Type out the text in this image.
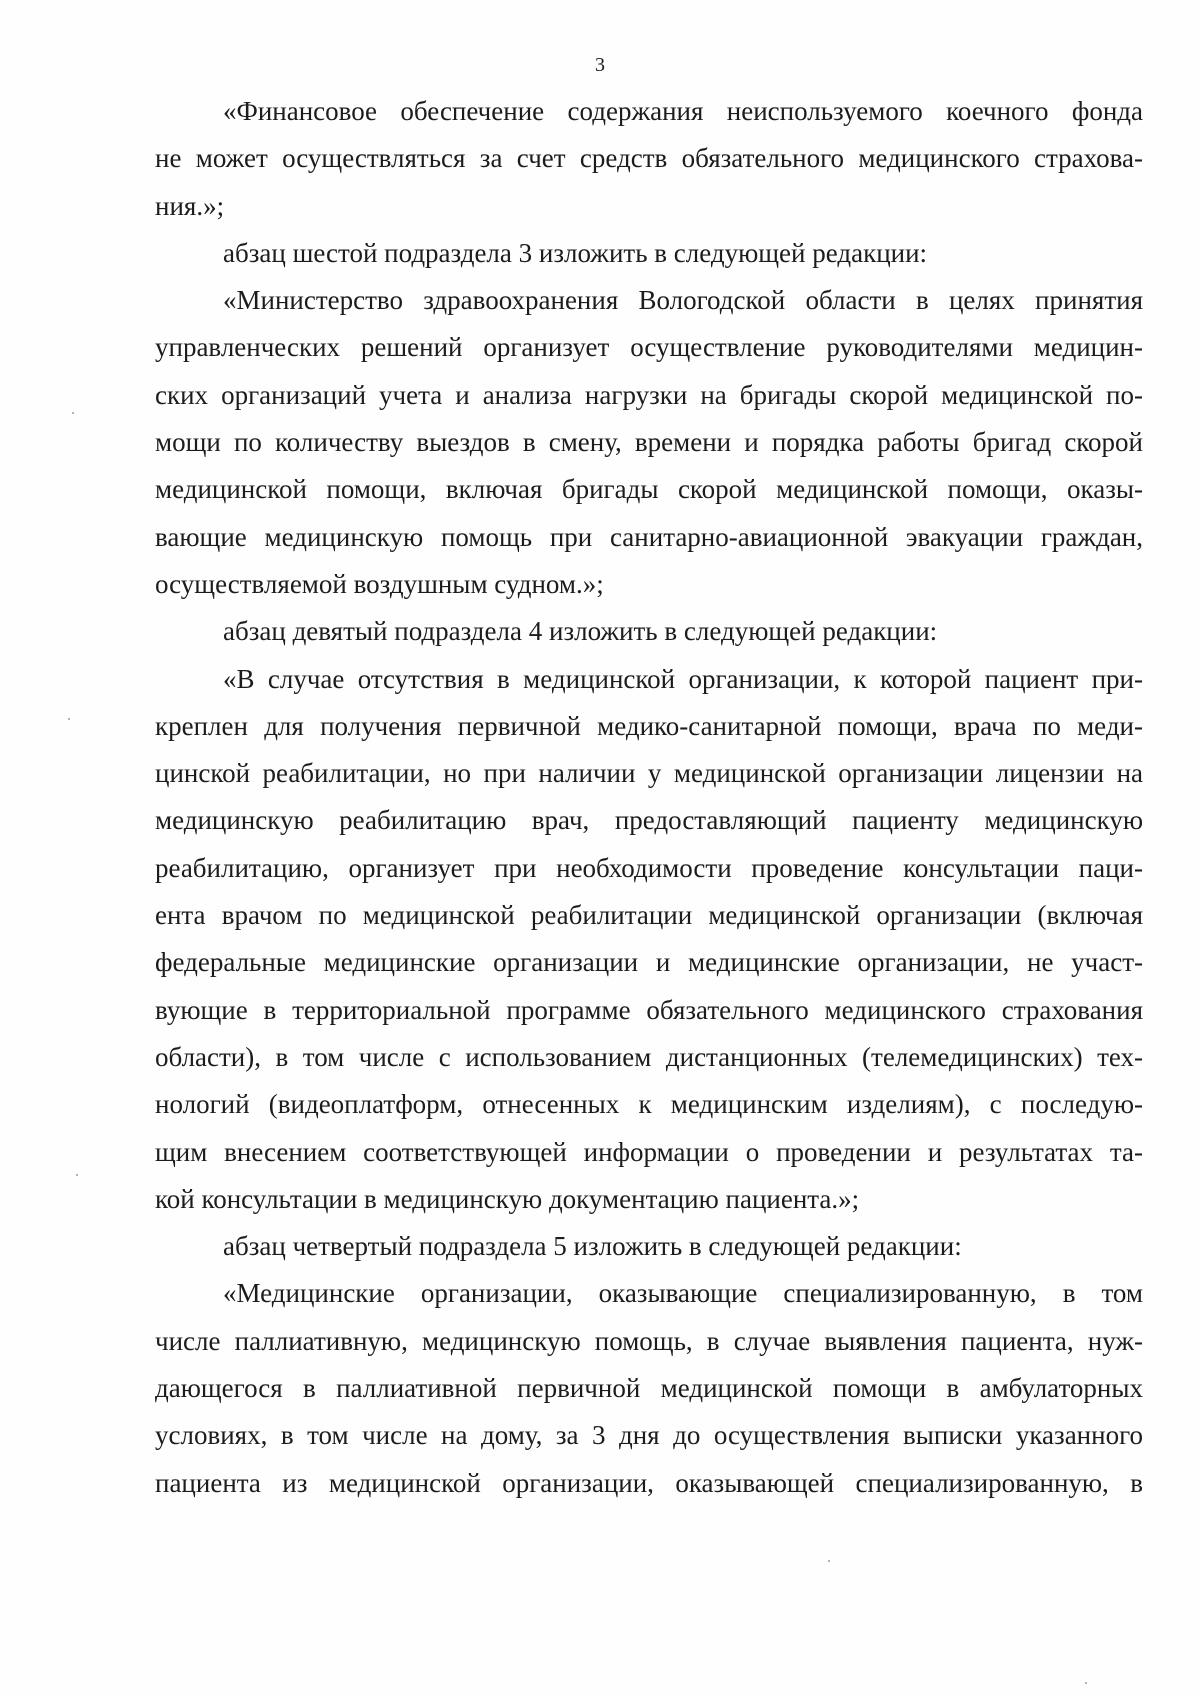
3
«Финансовое обеспечение содержания неиспользуемого коечного фонда
не может осуществляться за счет средств обязательного медицинского страхова-
ния.»;
абзац шестой подраздела 3 изложить в следующей редакции:
«Министерство здравоохранения Вологодской области в целях принятия
управленческих решений организует осуществление руководителями медицин-
ских организаций учета и анализа нагрузки на бригады скорой медицинской по-
мощи по количеству выездов в смену, времени и порядка работы бригад скорой
медицинской помощи, включая бригады скорой медицинской помощи, оказы-
вающие медицинскую помощь при санитарно-авиационной эвакуации граждан,
осуществляемой воздушным судном.»;
абзац девятый подраздела 4 изложить в следующей редакции:
«В случае отсутствия в медицинской организации, к которой пациент при-
креплен для получения первичной медико-санитарной помощи, врача по меди-
цинской реабилитации, но при наличии у медицинской организации лицензии на
медицинскую реабилитацию врач, предоставляющий пациенту медицинскую
реабилитацию, организует при необходимости проведение консультации паци-
ента врачом по медицинской реабилитации медицинской организации (включая
федеральные медицинские организации и медицинские организации, не участ-
вующие в территориальной программе обязательного медицинского страхования
области), в том числе с использованием дистанционных (телемедицинских) тех-
нологий (видеоплатформ, отнесенных к медицинским изделиям), с последую-
щим внесением соответствующей информации о проведении и результатах та-
кой консультации в медицинскую документацию пациента.»;
абзац четвертый подраздела 5 изложить в следующей редакции:
«Медицинские организации, оказывающие специализированную, в том
числе паллиативную, медицинскую помощь, в случае выявления пациента, нуж-
дающегося в паллиативной первичной медицинской помощи в амбулаторных
условиях, в том числе на дому, за 3 дня до осуществления выписки указанного
пациента из медицинской организации, оказывающей специализированную, в
